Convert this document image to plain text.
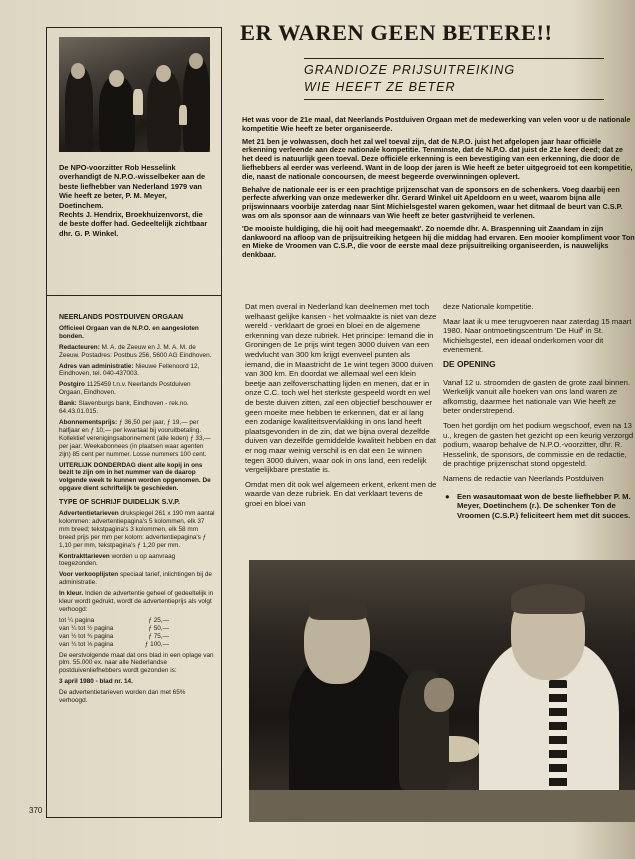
De NPO-voorzitter Rob Hesselink overhandigt de N.P.O.-wisselbeker aan de beste liefhebber van Nederland 1979 van Wie heeft ze beter, P. M. Meyer, Doetinchem.

Rechts J. Hendrix, Broekhuizenvorst, die de beste doffer had. Gedeeltelijk zichtbaar dhr. G. P. Winkel.

NEERLANDS POSTDUIVEN ORGAAN

Officieel Orgaan van de N.P.O. en aangesloten bonden.

Redacteuren: M. A. de Zeeuw en J. M. A. M. de Zeeuw. Postadres: Postbus 256, 5600 AG Eindhoven.

Adres van administratie: Nieuwe Fellenoord 12, Eindhoven, tel. 040-437003.

Postgiro 1125459 t.n.v. Neerlands Postduiven Orgaan, Eindhoven.

Bank: Slavenburgs bank, Eindhoven - rek.no. 64.43.01.015.

Abonnementsprijs: ƒ 36,50 per jaar, ƒ 19,— per halfjaar en ƒ 10,— per kwartaal bij vooruitbetaling. Kollektief verenigingsabonnement (alle leden) ƒ 33,— per jaar. Weekabonnees (in plaatsen waar agenten zijn) 85 cent per nummer. Losse nummers 100 cent.

UITERLIJK DONDERDAG dient alle kopij in ons bezit te zijn om in het nummer van de daarop volgende week te kunnen worden opgenomen. De opgave dient schriftelijk te geschieden.

TYPE OF SCHRIJF DUIDELIJK S.V.P.

Advertentietarieven drukspiegel 261 x 190 mm aantal kolommen: advertentiepagina's 5 kolommen, elk 37 mm breed; tekstpagina's 3 kolommen, elk 58 mm breed prijs per mm per kolom: advertentiepagina's ƒ 1,10 per mm, tekstpagina's ƒ 1,20 per mm.

Kontrakttarieven worden u op aanvraag toegezonden.

Voor verkooplijsten speciaal tarief, inlichtingen bij de administratie.

In kleur. Indien de advertentie geheel of gedeeltelijk in kleur wordt gedrukt, wordt de advertentieprijs als volgt verhoogd:

tot ¼ pagina	ƒ 25,—
van ¼ tot ½ pagina	ƒ 50,—
van ½ tot ¾ pagina	ƒ 75,—
van ¾ tot ⅓ pagina	ƒ 100,—

De eerstvolgende maal dat ons blad in een oplage van plm. 55.000 ex. naar alle Nederlandse postduivenliefhebbers wordt gezonden is:

3 april 1980 - blad nr. 14.

De advertentietarieven worden dan met 65% verhoogd.

370
ER WAREN GEEN BETERE!!
GRANDIOZE PRIJSUITREIKING
WIE HEEFT ZE BETER

Het was voor de 21e maal, dat Neerlands Postduiven Orgaan met de medewerking van velen voor u de nationale kompetitie Wie heeft ze beter organiseerde.

Met 21 ben je volwassen, doch het zal wel toeval zijn, dat de N.P.O. juist het afgelopen jaar haar officiële erkenning verleende aan deze nationale kompetitie. Tenminste, dat de N.P.O. dat juist de 21e keer deed; dat ze het deed is natuurlijk geen toeval. Deze officiële erkenning is een bevestiging van een erkenning, die door de liefhebbers al eerder was verleend. Want in de loop der jaren is Wie heeft ze beter uitgegroeid tot een kompetitie, die, naast de nationale concoursen, de meest begeerde overwinningen oplevert.

Behalve de nationale eer is er een prachtige prijzenschat van de sponsors en de schenkers. Voeg daarbij een perfecte afwerking van onze medewerker dhr. Gerard Winkel uit Apeldoorn en u weet, waarom bijna alle prijswinnaars voorbije zaterdag naar Sint Michielsgestel waren gekomen, waar het ditmaal de beurt van C.S.P. was om als sponsor aan de winnaars van Wie heeft ze beter gastvrijheid te verlenen.

'De mooiste huldiging, die hij ooit had meegemaakt'. Zo noemde dhr. A. Braspenning uit Zaandam in zijn dankwoord na afloop van de prijsuitreiking hetgeen hij die middag had ervaren. Een mooier kompliment voor Ton en Mieke de Vroomen van C.S.P., die voor de eerste maal deze prijsuitreiking organiseerden, is nauwelijks denkbaar.

Dat men overal in Nederland kan deelnemen met toch welhaast gelijke kansen - het volmaakte is niet van deze wereld - verklaart de groei en bloei en de algemene erkenning van deze rubriek. Het principe: Iemand die in Groningen de 1e prijs wint tegen 3000 duiven van een wedvlucht van 300 km krijgt evenveel punten als iemand, die in Maastricht de 1e wint tegen 3000 duiven van 300 km. En doordat we allemaal wel een klein beetje aan zelfoverschatting lijden en menen, dat er in onze C.C. toch wel het sterkste gespeeld wordt en wel de beste duiven zitten, zal een objectief beschouwer er geen moeite mee hebben te erkennen, dat er al lang een zodanige kwaliteitsvervlakking in ons land heeft plaatsgevonden in de zin, dat we bijna overal dezelfde duiven van dezelfde gemiddelde kwaliteit hebben en dat er nog maar weinig verschil is en dat een 1e winnen tegen 3000 duiven, waar ook in ons land, een redelijk vergelijkbare prestatie is.

Omdat men dit ook wel algemeen erkent, erkent men de waarde van deze rubriek. En dat verklaart tevens de groei en bloei van

deze Nationale kompetitie.

Maar laat ik u mee terugvoeren naar zaterdag 15 maart 1980. Naar ontmoetingscentrum 'De Huif' in St. Michielsgestel, een ideaal onderkomen voor dit evenement.

DE OPENING

Vanaf 12 u. stroomden de gasten de grote zaal binnen. Werkelijk vanuit alle hoeken van ons land waren ze afkomstig, daarmee het nationale van Wie heeft ze beter onderstrepend.

Toen het gordijn om het podium wegschoof, even na 13 u., kregen de gasten het gezicht op een keurig verzorgd podium, waarop behalve de N.P.O.-voorzitter, dhr. R. Hesselink, de sponsors, de commissie en de redactie, de prachtige prijzenschat stond opgesteld.

Namens de redactie van Neerlands Postduiven

● Een wasautomaat won de beste liefhebber P. M. Meyer, Doetinchem (r.). De schenker Ton de Vroomen (C.S.P.) feliciteert hem met dit succes.
